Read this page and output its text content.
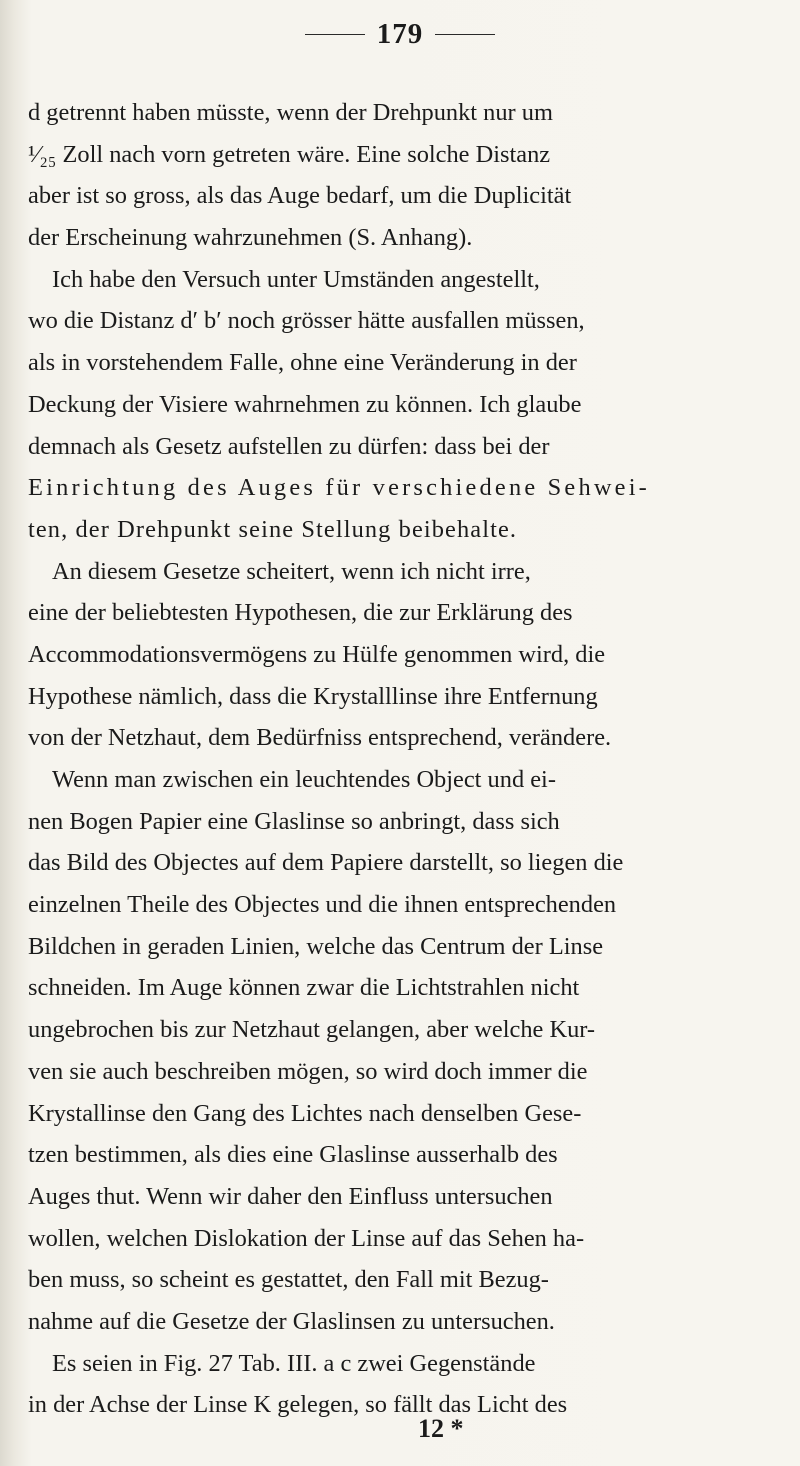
179
d getrennt haben müsste, wenn der Drehpunkt nur um
¹⁄₂₅ Zoll nach vorn getreten wäre. Eine solche Distanz
aber ist so gross, als das Auge bedarf, um die Duplicität
der Erscheinung wahrzunehmen (S. Anhang).
Ich habe den Versuch unter Umständen angestellt,
wo die Distanz d′ b′ noch grösser hätte ausfallen müssen,
als in vorstehendem Falle, ohne eine Veränderung in der
Deckung der Visiere wahrnehmen zu können. Ich glaube
demnach als Gesetz aufstellen zu dürfen: dass bei der
Einrichtung des Auges für verschiedene Sehwei-
ten, der Drehpunkt seine Stellung beibehalte.
An diesem Gesetze scheitert, wenn ich nicht irre,
eine der beliebtesten Hypothesen, die zur Erklärung des
Accommodationsvermögens zu Hülfe genommen wird, die
Hypothese nämlich, dass die Krystalllinse ihre Entfernung
von der Netzhaut, dem Bedürfniss entsprechend, verändere.
Wenn man zwischen ein leuchtendes Object und ei-
nen Bogen Papier eine Glaslinse so anbringt, dass sich
das Bild des Objectes auf dem Papiere darstellt, so liegen die
einzelnen Theile des Objectes und die ihnen entsprechenden
Bildchen in geraden Linien, welche das Centrum der Linse
schneiden. Im Auge können zwar die Lichtstrahlen nicht
ungebrochen bis zur Netzhaut gelangen, aber welche Kur-
ven sie auch beschreiben mögen, so wird doch immer die
Krystallinse den Gang des Lichtes nach denselben Gese-
tzen bestimmen, als dies eine Glaslinse ausserhalb des
Auges thut. Wenn wir daher den Einfluss untersuchen
wollen, welchen Dislokation der Linse auf das Sehen ha-
ben muss, so scheint es gestattet, den Fall mit Bezug-
nahme auf die Gesetze der Glaslinsen zu untersuchen.
Es seien in Fig. 27 Tab. III. a c zwei Gegenstände
in der Achse der Linse K gelegen, so fällt das Licht des
12 *
